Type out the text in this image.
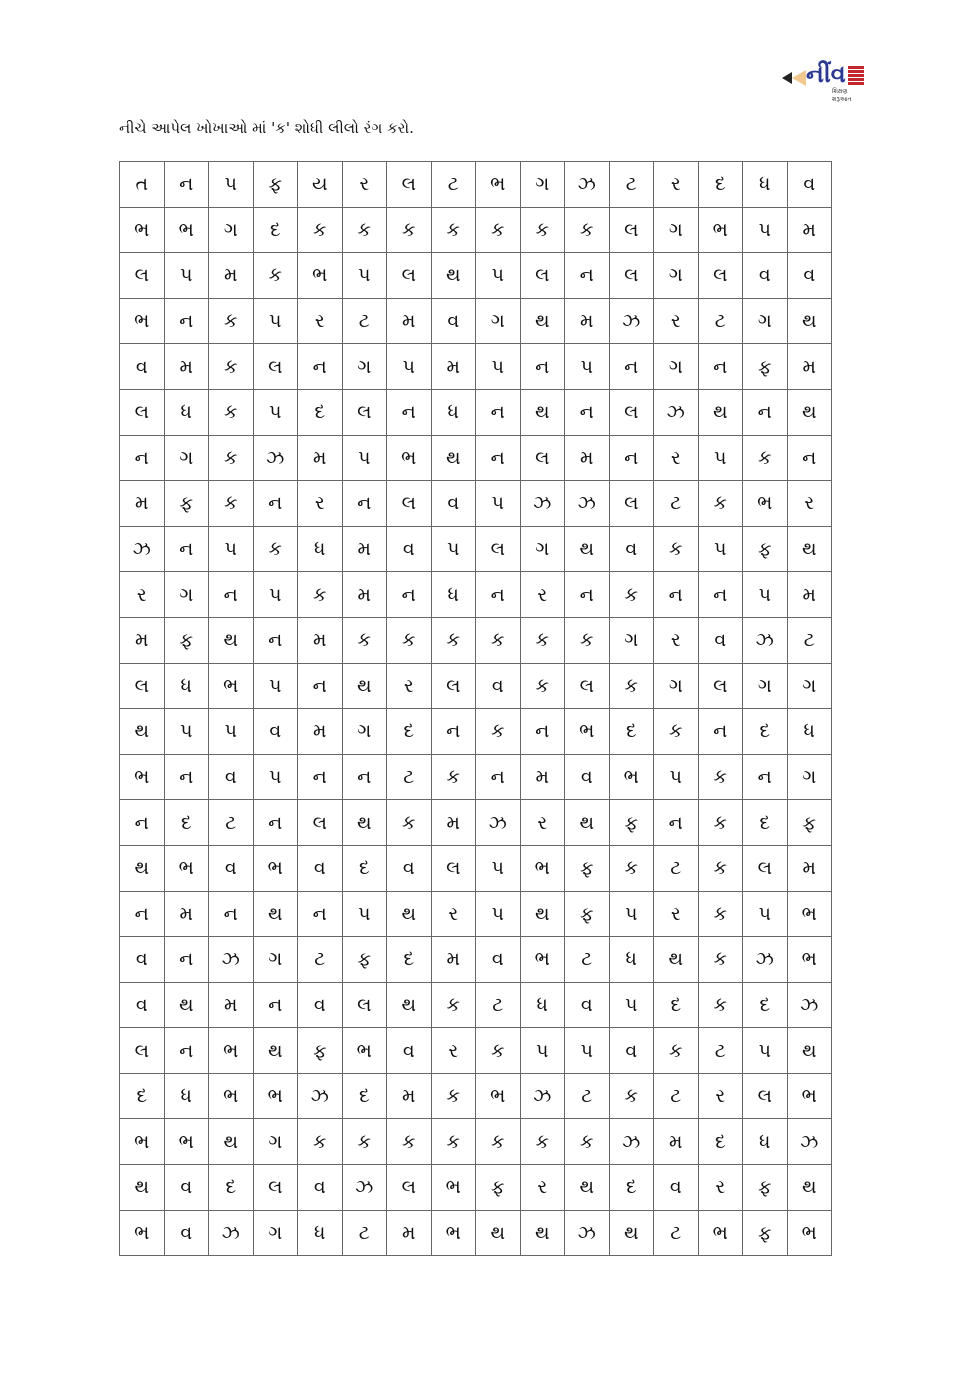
નીંવ
શિક્ષણ શરૂઆત
નીચે આપેલ ખોખાઓ માં 'ક' શોધી લીલો રંગ કરો.
ત	ન	પ	ફ	ય	ર	લ	ટ	ભ	ગ	ઝ	ટ	ર	દ	ધ	વ
ભ	ભ	ગ	દ	ક	ક	ક	ક	ક	ક	ક	લ	ગ	ભ	પ	મ
લ	પ	મ	ક	ભ	પ	લ	થ	પ	લ	ન	લ	ગ	લ	વ	વ
ભ	ન	ક	પ	ર	ટ	મ	વ	ગ	થ	મ	ઝ	ર	ટ	ગ	થ
વ	મ	ક	લ	ન	ગ	પ	મ	પ	ન	પ	ન	ગ	ન	ફ	મ
લ	ધ	ક	પ	દ	લ	ન	ધ	ન	થ	ન	લ	ઝ	થ	ન	થ
ન	ગ	ક	ઝ	મ	પ	ભ	થ	ન	લ	મ	ન	ર	પ	ક	ન
મ	ફ	ક	ન	ર	ન	લ	વ	પ	ઝ	ઝ	લ	ટ	ક	ભ	ર
ઝ	ન	પ	ક	ધ	મ	વ	પ	લ	ગ	થ	વ	ક	પ	ફ	થ
ર	ગ	ન	પ	ક	મ	ન	ધ	ન	ર	ન	ક	ન	ન	પ	મ
મ	ફ	થ	ન	મ	ક	ક	ક	ક	ક	ક	ગ	ર	વ	ઝ	ટ
લ	ધ	ભ	પ	ન	થ	ર	લ	વ	ક	લ	ક	ગ	લ	ગ	ગ
થ	પ	પ	વ	મ	ગ	દ	ન	ક	ન	ભ	દ	ક	ન	દ	ધ
ભ	ન	વ	પ	ન	ન	ટ	ક	ન	મ	વ	ભ	પ	ક	ન	ગ
ન	દ	ટ	ન	લ	થ	ક	મ	ઝ	ર	થ	ફ	ન	ક	દ	ફ
થ	ભ	વ	ભ	વ	દ	વ	લ	પ	ભ	ફ	ક	ટ	ક	લ	મ
ન	મ	ન	થ	ન	પ	થ	ર	પ	થ	ફ	પ	ર	ક	પ	ભ
વ	ન	ઝ	ગ	ટ	ફ	દ	મ	વ	ભ	ટ	ધ	થ	ક	ઝ	ભ
વ	થ	મ	ન	વ	લ	થ	ક	ટ	ધ	વ	પ	દ	ક	દ	ઝ
લ	ન	ભ	થ	ફ	ભ	વ	ર	ક	પ	પ	વ	ક	ટ	પ	થ
દ	ધ	ભ	ભ	ઝ	દ	મ	ક	ભ	ઝ	ટ	ક	ટ	ર	લ	ભ
ભ	ભ	થ	ગ	ક	ક	ક	ક	ક	ક	ક	ઝ	મ	દ	ધ	ઝ
થ	વ	દ	લ	વ	ઝ	લ	ભ	ફ	ર	થ	દ	વ	ર	ફ	થ
ભ	વ	ઝ	ગ	ધ	ટ	મ	ભ	થ	થ	ઝ	થ	ટ	ભ	ફ	ભ
